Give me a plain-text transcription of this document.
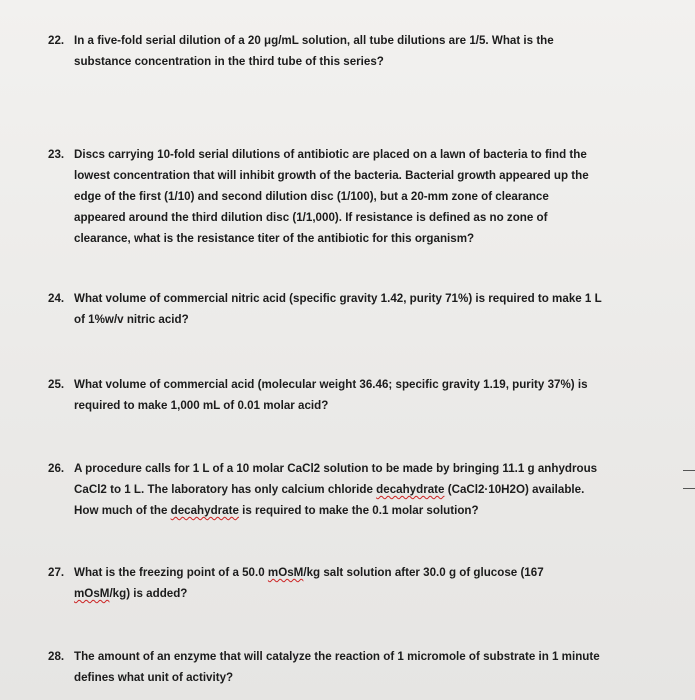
22. In a five-fold serial dilution of a 20 μg/mL solution, all tube dilutions are 1/5. What is the
substance concentration in the third tube of this series?
23. Discs carrying 10-fold serial dilutions of antibiotic are placed on a lawn of bacteria to find the
lowest concentration that will inhibit growth of the bacteria. Bacterial growth appeared up the
edge of the first (1/10) and second dilution disc (1/100), but a 20-mm zone of clearance
appeared around the third dilution disc (1/1,000). If resistance is defined as no zone of
clearance, what is the resistance titer of the antibiotic for this organism?
24. What volume of commercial nitric acid (specific gravity 1.42, purity 71%) is required to make 1 L
of 1%w/v nitric acid?
25. What volume of commercial acid (molecular weight 36.46; specific gravity 1.19, purity 37%) is
required to make 1,000 mL of 0.01 molar acid?
26. A procedure calls for 1 L of a 10 molar CaCl2 solution to be made by bringing 11.1 g anhydrous
CaCl2 to 1 L. The laboratory has only calcium chloride decahydrate (CaCl2·10H2O) available.
How much of the decahydrate is required to make the 0.1 molar solution?
27. What is the freezing point of a 50.0 mOsM/kg salt solution after 30.0 g of glucose (167
mOsM/kg) is added?
28. The amount of an enzyme that will catalyze the reaction of 1 micromole of substrate in 1 minute
defines what unit of activity?
